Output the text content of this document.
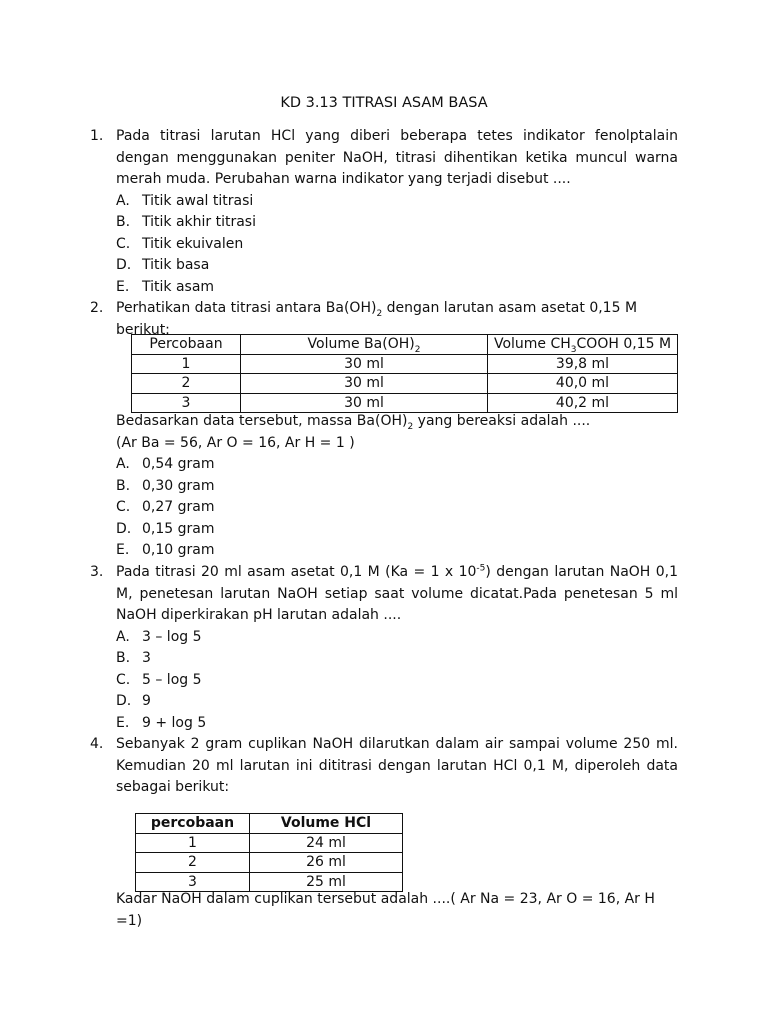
KD 3.13 TITRASI ASAM BASA
1. Pada titrasi larutan HCl yang diberi beberapa tetes indikator fenolptalain dengan menggunakan peniter NaOH, titrasi dihentikan ketika muncul warna merah muda. Perubahan warna indikator yang terjadi disebut ....
A. Titik awal titrasi
B. Titik akhir titrasi
C. Titik ekuivalen
D. Titik basa
E. Titik asam
2. Perhatikan data titrasi antara $Ba(OH)_2$ dengan larutan asam asetat 0,15 M berikut:
Percobaan	Volume $Ba(OH)_2$	Volume $CH_3COOH$ 0,15 M
1	30 ml	39,8 ml
2	30 ml	40,0 ml
3	30 ml	40,2 ml
Bedasarkan data tersebut, massa $Ba(OH)_2$ yang bereaksi adalah ....
(Ar Ba = 56, Ar O = 16, Ar H = 1 )
A. 0,54 gram
B. 0,30 gram
C. 0,27 gram
D. 0,15 gram
E. 0,10 gram
3. Pada titrasi 20 ml asam asetat 0,1 M (Ka = 1 x $10^{-5}$) dengan larutan NaOH 0,1 M, penetesan larutan NaOH setiap saat volume dicatat.Pada penetesan 5 ml NaOH diperkirakan pH larutan adalah ....
A. 3 – log 5
B. 3
C. 5 – log 5
D. 9
E. 9 + log 5
4. Sebanyak 2 gram cuplikan NaOH dilarutkan dalam air sampai volume 250 ml. Kemudian 20 ml larutan ini dititrasi dengan larutan HCl 0,1 M, diperoleh data sebagai berikut:
percobaan	Volume HCl
1	24 ml
2	26 ml
3	25 ml
Kadar NaOH dalam cuplikan tersebut adalah ....( Ar Na = 23, Ar O = 16, Ar H =1)
